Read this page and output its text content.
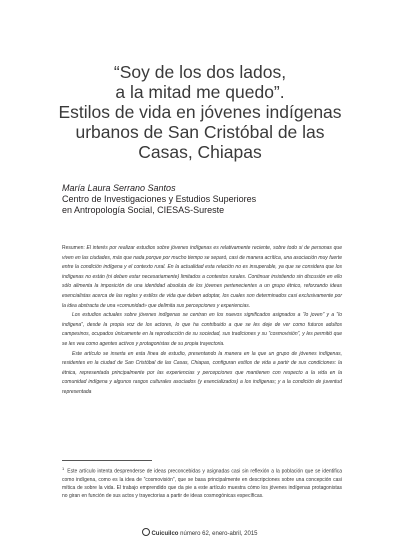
“Soy de los dos lados,
a la mitad me quedo”.
Estilos de vida en jóvenes indígenas
urbanos de San Cristóbal de las
Casas, Chiapas
María Laura Serrano Santos
Centro de Investigaciones y Estudios Superiores
en Antropología Social, CIESAS-Sureste

Resumen: El interés por realizar estudios sobre jóvenes indígenas es relativamente reciente, sobre todo si de personas que viven en las ciudades, más que nada porque por mucho tiempo se separó, casi de manera acrítica, una asociación muy fuerte entre la condición indígena y el contexto rural. En la actualidad esta relación no es insuperable, ya que se considera que los indígenas no están (ni deben estar necesariamente) limitados a contextos rurales. Continuar insistiendo sin discusión en ello sólo alimenta la imposición de una identidad absoluta de los jóvenes pertenecientes a un grupo étnico, reforzando ideas esencialistas acerca de las reglas y estilos de vida que deben adoptar, los cuales son determinados casi exclusivamente por la idea abstracta de una «comunidad» que delimita sus percepciones y experiencias.

Los estudios actuales sobre jóvenes indígenas se centran en los nuevos significados asignados a “lo joven” y a “lo indígena”, desde la propia voz de los actores, lo que ha contribuido a que se les deje de ver como futuros adultos campesinos, ocupados únicamente en la reproducción de su sociedad, sus tradiciones y su “cosmovisión”, y les permitió que se les vea como agentes activos y protagonistas de su propia trayectoria.

Este artículo se inserta en esta línea de estudio, presentando la manera en la que un grupo de jóvenes indígenas, residentes en la ciudad de San Cristóbal de las Casas, Chiapas, configuran estilos de vida a partir de sus condiciones: la étnica, representada principalmente por las experiencias y percepciones que mantienen con respecto a la vida en la comunidad indígena y algunos rasgos culturales asociados (y esencializados) a los indígenas; y a la condición de juventud representada

$^1$Este artículo intenta desprenderse de ideas preconcebidas y asignadas casi sin reflexión a la población que se identifica como indígena, como es la idea de “cosmovisión”, que se basa principalmente en descripciones sobre una concepción casi mítica de sobre la vida. El trabajo emprendido que da pie a este artículo muestra cómo los jóvenes indígenas protagonistas no giran en función de sus actos y trayectorias a partir de ideas cosmogónicas específicas.
Cuicuilco número 62, enero-abril, 2015
